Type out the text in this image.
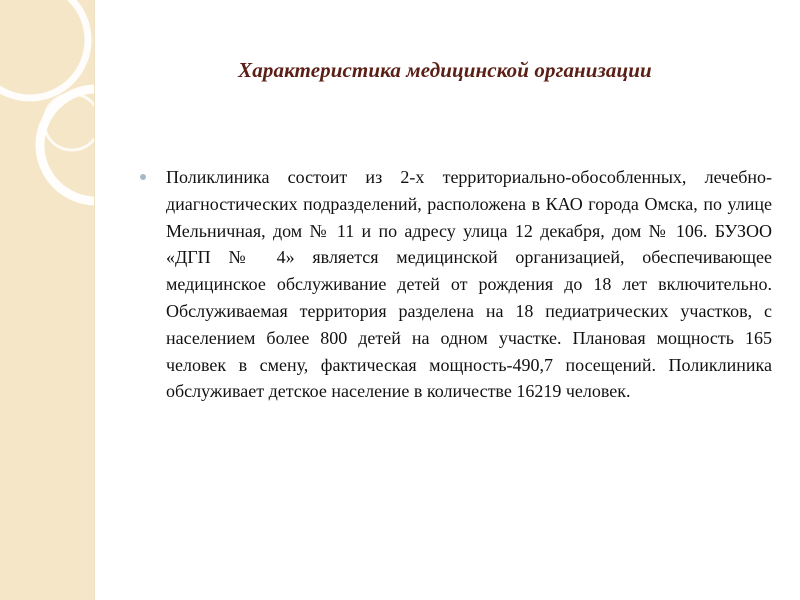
Характеристика медицинской организации

Поликлиника состоит из 2-х территориально-обособленных, лечебно-диагностических подразделений, расположена в КАО города Омска, по улице Мельничная, дом № 11 и по адресу улица 12 декабря, дом № 106. БУЗОО «ДГП № 4» является медицинской организацией, обеспечивающее медицинское обслуживание детей от рождения до 18 лет включительно. Обслуживаемая территория разделена на 18 педиатрических участков, с населением более 800 детей на одном участке. Плановая мощность 165 человек в смену, фактическая мощность-490,7 посещений. Поликлиника обслуживает детское население в количестве 16219 человек.
